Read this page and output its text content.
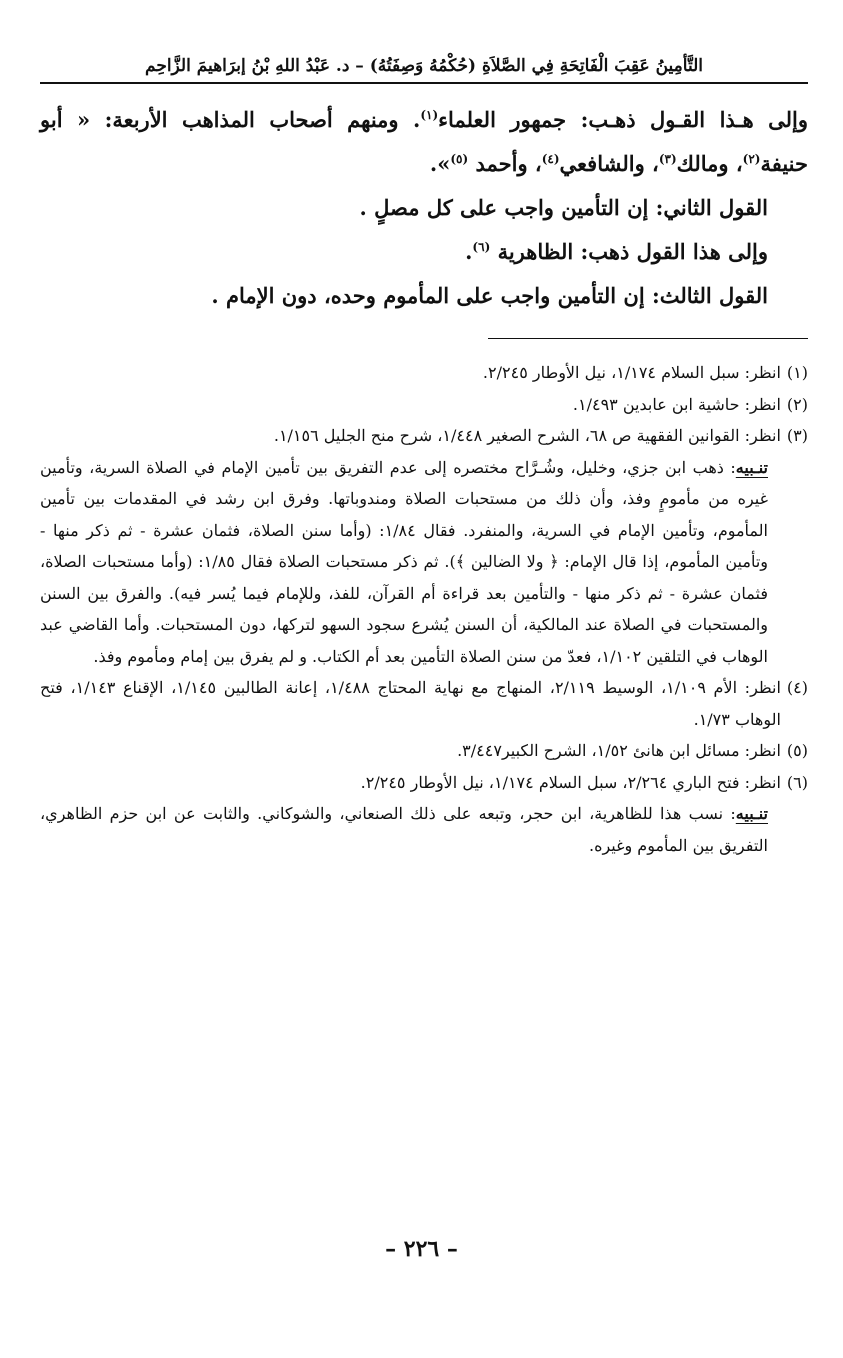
التَّأمِينُ عَقِبَ الْفَاتِحَةِ فِي الصَّلاَةِ (حُكْمُهُ وَصِفَتُهُ) – د. عَبْدُ اللهِ بْنُ إبرَاهيمَ الزَّاحِم

وإلى هـذا القـول ذهـب: جمهور العلماء$^{(١)}$. ومنهم أصحاب المذاهب الأربعة: « أبو حنيفة$^{(٢)}$، ومالك$^{(٣)}$، والشافعي$^{(٤)}$، وأحمد $^{(٥)}$».

القول الثاني: إن التأمين واجب على كل مصلٍ .

وإلى هذا القول ذهب: الظاهرية $^{(٦)}$.

القول الثالث: إن التأمين واجب على المأموم وحده، دون الإمام .

(١)
انظر: سبل السلام ١/١٧٤، نيل الأوطار ٢/٢٤٥.
(٢)
انظر: حاشية ابن عابدين ١/٤٩٣.
(٣)
انظر: القوانين الفقهية ص ٦٨، الشرح الصغير ١/٤٤٨، شرح منح الجليل ١/١٥٦.
تنـبيه: ذهب ابن جزي، وخليل، وشُـرَّاح مختصره إلى عدم التفريق بين تأمين الإمام في الصلاة السرية، وتأمين غيره من مأمومٍ وفذ، وأن ذلك من مستحبات الصلاة ومندوباتها. وفرق ابن رشد في المقدمات بين تأمين المأموم، وتأمين الإمام في السرية، والمنفرد. فقال ١/٨٤: (وأما سنن الصلاة، فثمان عشرة - ثم ذكر منها - وتأمين المأموم، إذا قال الإمام: ﴿ ولا الضالين ﴾). ثم ذكر مستحبات الصلاة فقال ١/٨٥: (وأما مستحبات الصلاة، فثمان عشرة - ثم ذكر منها - والتأمين بعد قراءة أم القرآن، للفذ، وللإمام فيما يُسر فيه). والفرق بين السنن والمستحبات في الصلاة عند المالكية، أن السنن يُشرع سجود السهو لتركها، دون المستحبات. وأما القاضي عبد الوهاب في التلقين ١/١٠٢، فعدّ من سنن الصلاة التأمين بعد أم الكتاب. و لم يفرق بين إمام ومأموم وفذ.
(٤)
انظر: الأم ١/١٠٩، الوسيط ٢/١١٩، المنهاج مع نهاية المحتاج ١/٤٨٨، إعانة الطالبين ١/١٤٥، الإقناع ١/١٤٣، فتح الوهاب ١/٧٣.
(٥)
انظر: مسائل ابن هانئ ١/٥٢، الشرح الكبير٣/٤٤٧.
(٦)
انظر: فتح الباري ٢/٢٦٤، سبل السلام ١/١٧٤، نيل الأوطار ٢/٢٤٥.
تنـبيه: نسب هذا للظاهرية، ابن حجر، وتبعه على ذلك الصنعاني، والشوكاني. والثابت عن ابن حزم الظاهري، التفريق بين المأموم وغيره.
– ٢٢٦ –
